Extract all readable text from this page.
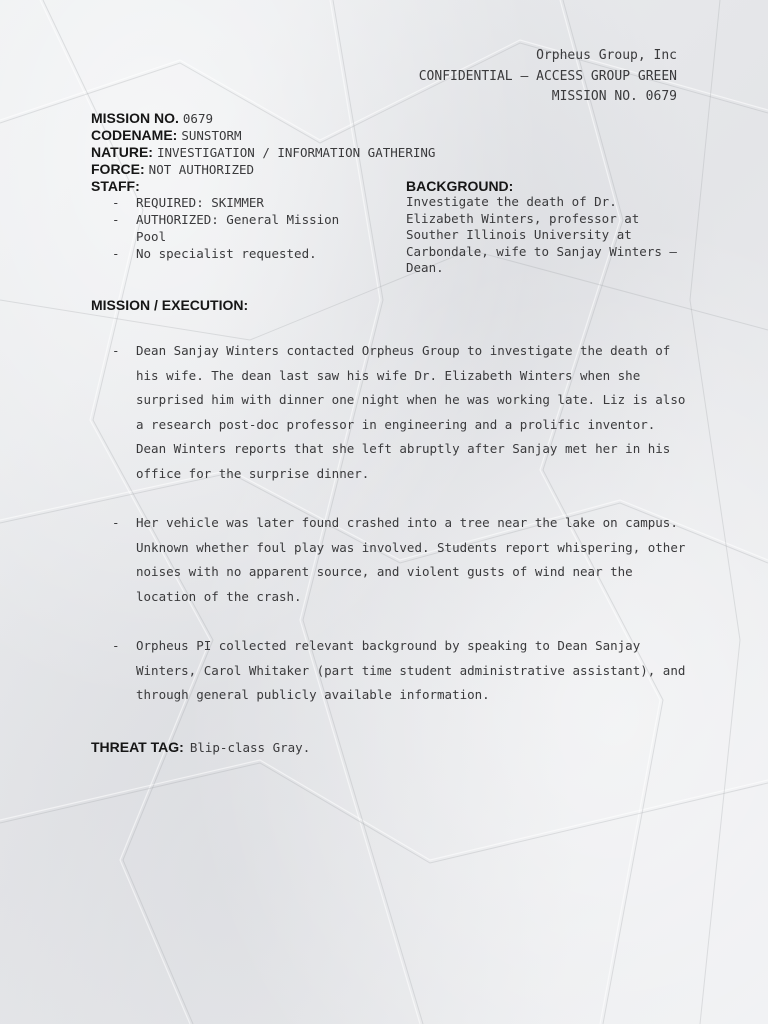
Orpheus Group, Inc
CONFIDENTIAL – ACCESS GROUP GREEN
MISSION NO. 0679
MISSION NO. 0679
CODENAME: SUNSTORM
NATURE: INVESTIGATION / INFORMATION GATHERING
FORCE: NOT AUTHORIZED
STAFF:
- REQUIRED: SKIMMER
- AUTHORIZED: General Mission Pool
- No specialist requested.
BACKGROUND:
Investigate the death of Dr. Elizabeth Winters, professor at Souther Illinois University at Carbondale, wife to Sanjay Winters – Dean.
MISSION / EXECUTION:
- Dean Sanjay Winters contacted Orpheus Group to investigate the death of his wife. The dean last saw his wife Dr. Elizabeth Winters when she surprised him with dinner one night when he was working late. Liz is also a research post-doc professor in engineering and a prolific inventor. Dean Winters reports that she left abruptly after Sanjay met her in his office for the surprise dinner.
- Her vehicle was later found crashed into a tree near the lake on campus. Unknown whether foul play was involved. Students report whispering, other noises with no apparent source, and violent gusts of wind near the location of the crash.
- Orpheus PI collected relevant background by speaking to Dean Sanjay Winters, Carol Whitaker (part time student administrative assistant), and through general publicly available information.
THREAT TAG: Blip-class Gray.
